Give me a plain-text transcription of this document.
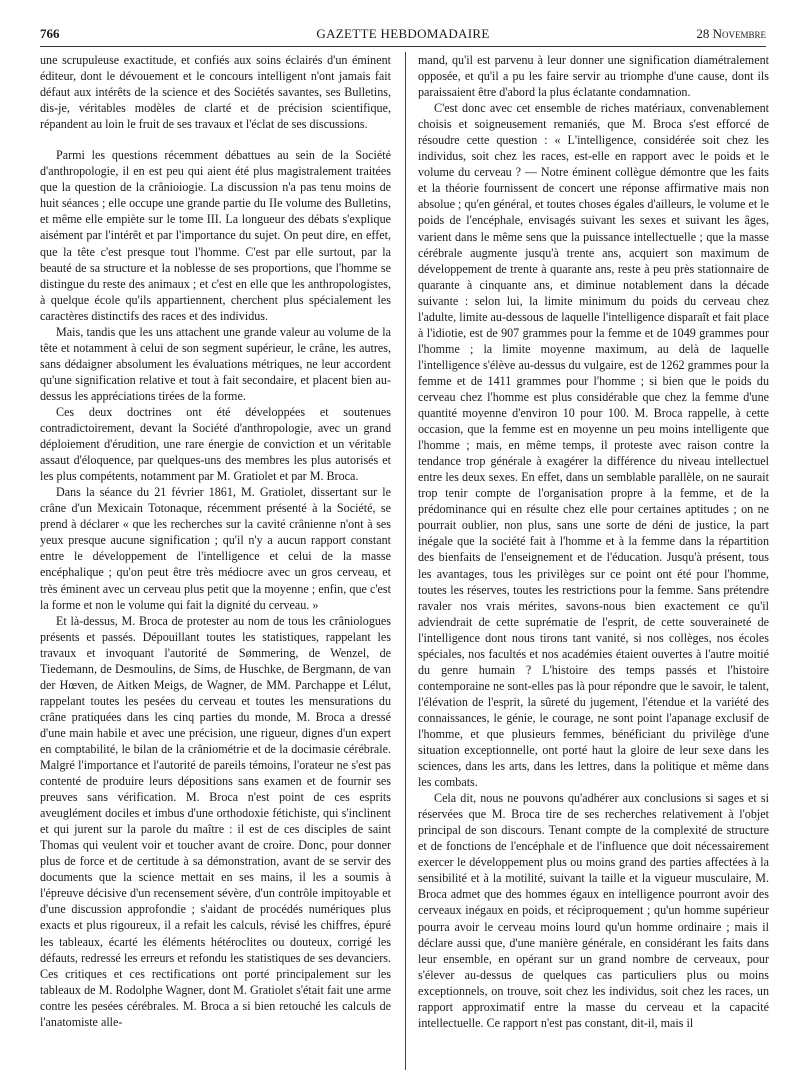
766	GAZETTE HEBDOMADAIRE	28 Novembre

une scrupuleuse exactitude, et confiés aux soins éclairés d'un éminent éditeur, dont le dévouement et le concours intelligent n'ont jamais fait défaut aux intérêts de la science et des Sociétés savantes, ses Bulletins, dis-je, véritables modèles de clarté et de précision scientifique, répandent au loin le fruit de ses travaux et l'éclat de ses discussions.

Parmi les questions récemment débattues au sein de la Société d'anthropologie, il en est peu qui aient été plus magistralement traitées que la question de la crânioiogie. La discussion n'a pas tenu moins de huit séances ; elle occupe une grande partie du IIe volume des Bulletins, et même elle empiète sur le tome III. La longueur des débats s'explique aisément par l'intérêt et par l'importance du sujet. On peut dire, en effet, que la tête c'est presque tout l'homme. C'est par elle surtout, par la beauté de sa structure et la noblesse de ses proportions, que l'homme se distingue du reste des animaux ; et c'est en elle que les anthropologistes, à quelque école qu'ils appartiennent, cherchent plus spécialement les caractères distinctifs des races et des individus.

Mais, tandis que les uns attachent une grande valeur au volume de la tête et notamment à celui de son segment supérieur, le crâne, les autres, sans dédaigner absolument les évaluations métriques, ne leur accordent qu'une signification relative et tout à fait secondaire, et placent bien au-dessus les appréciations tirées de la forme.

Ces deux doctrines ont été développées et soutenues contradictoirement, devant la Société d'anthropologie, avec un grand déploiement d'érudition, une rare énergie de conviction et un véritable assaut d'éloquence, par quelques-uns des membres les plus autorisés et les plus compétents, notamment par M. Gratiolet et par M. Broca.

Dans la séance du 21 février 1861, M. Gratiolet, dissertant sur le crâne d'un Mexicain Totonaque, récemment présenté à la Société, se prend à déclarer « que les recherches sur la cavité crânienne n'ont à ses yeux presque aucune signification ; qu'il n'y a aucun rapport constant entre le développement de l'intelligence et celui de la masse encéphalique ; qu'on peut être très médiocre avec un gros cerveau, et très éminent avec un cerveau plus petit que la moyenne ; enfin, que c'est la forme et non le volume qui fait la dignité du cerveau. »

Et là-dessus, M. Broca de protester au nom de tous les crâniologues présents et passés. Dépouillant toutes les statistiques, rappelant les travaux et invoquant l'autorité de Sømmering, de Wenzel, de Tiedemann, de Desmoulins, de Sims, de Huschke, de Bergmann, de van der Hœven, de Aitken Meigs, de Wagner, de MM. Parchappe et Lélut, rappelant toutes les pesées du cerveau et toutes les mensurations du crâne pratiquées dans les cinq parties du monde, M. Broca a dressé d'une main habile et avec une précision, une rigueur, dignes d'un expert en comptabilité, le bilan de la crâniométrie et de la docimasie cérébrale. Malgré l'importance et l'autorité de pareils témoins, l'orateur ne s'est pas contenté de produire leurs dépositions sans examen et de fournir ses preuves sans vérification. M. Broca n'est point de ces esprits aveuglément dociles et imbus d'une orthodoxie fétichiste, qui s'inclinent et qui jurent sur la parole du maître : il est de ces disciples de saint Thomas qui veulent voir et toucher avant de croire. Donc, pour donner plus de force et de certitude à sa démonstration, avant de se servir des documents que la science mettait en ses mains, il les a soumis à l'épreuve décisive d'un recensement sévère, d'un contrôle impitoyable et d'une discussion approfondie ; s'aidant de procédés numériques plus exacts et plus rigoureux, il a refait les calculs, révisé les chiffres, épuré les tableaux, écarté les éléments hétéroclites ou douteux, corrigé les défauts, redressé les erreurs et refondu les statistiques de ses devanciers. Ces critiques et ces rectifications ont porté principalement sur les tableaux de M. Rodolphe Wagner, dont M. Gratiolet s'était fait une arme contre les pesées cérébrales. M. Broca a si bien retouché les calculs de l'anatomiste alle-

mand, qu'il est parvenu à leur donner une signification diamétralement opposée, et qu'il a pu les faire servir au triomphe d'une cause, dont ils paraissaient être d'abord la plus éclatante condamnation.

C'est donc avec cet ensemble de riches matériaux, convenablement choisis et soigneusement remaniés, que M. Broca s'est efforcé de résoudre cette question : « L'intelligence, considérée soit chez les individus, soit chez les races, est-elle en rapport avec le poids et le volume du cerveau ? — Notre éminent collègue démontre que les faits et la théorie fournissent de concert une réponse affirmative mais non absolue ; qu'en général, et toutes choses égales d'ailleurs, le volume et le poids de l'encéphale, envisagés suivant les sexes et suivant les âges, varient dans le même sens que la puissance intellectuelle ; que la masse cérébrale augmente jusqu'à trente ans, acquiert son maximum de développement de trente à quarante ans, reste à peu près stationnaire de quarante à cinquante ans, et diminue notablement dans la décade suivante : selon lui, la limite minimum du poids du cerveau chez l'adulte, limite au-dessous de laquelle l'intelligence disparaît et fait place à l'idiotie, est de 907 grammes pour la femme et de 1049 grammes pour l'homme ; la limite moyenne maximum, au delà de laquelle l'intelligence s'élève au-dessus du vulgaire, est de 1262 grammes pour la femme et de 1411 grammes pour l'homme ; si bien que le poids du cerveau chez l'homme est plus considérable que chez la femme d'une quantité moyenne d'environ 10 pour 100. M. Broca rappelle, à cette occasion, que la femme est en moyenne un peu moins intelligente que l'homme ; mais, en même temps, il proteste avec raison contre la tendance trop générale à exagérer la différence du niveau intellectuel entre les deux sexes. En effet, dans un semblable parallèle, on ne saurait trop tenir compte de l'organisation propre à la femme, et de la prédominance qui en résulte chez elle pour certaines aptitudes ; on ne pourrait oublier, non plus, sans une sorte de déni de justice, la part inégale que la société fait à l'homme et à la femme dans la répartition des bienfaits de l'enseignement et de l'éducation. Jusqu'à présent, tous les avantages, tous les privilèges sur ce point ont été pour l'homme, toutes les réserves, toutes les restrictions pour la femme. Sans prétendre ravaler nos vrais mérites, savons-nous bien exactement ce qu'il adviendrait de cette suprématie de l'esprit, de cette souveraineté de l'intelligence dont nous tirons tant vanité, si nos collèges, nos écoles spéciales, nos facultés et nos académies étaient ouvertes à l'autre moitié du genre humain ? L'histoire des temps passés et l'histoire contemporaine ne sont-elles pas là pour répondre que le savoir, le talent, l'élévation de l'esprit, la sûreté du jugement, l'étendue et la variété des connaissances, le génie, le courage, ne sont point l'apanage exclusif de l'homme, et que plusieurs femmes, bénéficiant du privilège d'une situation exceptionnelle, ont porté haut la gloire de leur sexe dans les sciences, dans les arts, dans les lettres, dans la politique et même dans les combats.

Cela dit, nous ne pouvons qu'adhérer aux conclusions si sages et si réservées que M. Broca tire de ses recherches relativement à l'objet principal de son discours. Tenant compte de la complexité de structure et de fonctions de l'encéphale et de l'influence que doit nécessairement exercer le développement plus ou moins grand des parties affectées à la sensibilité et à la motilité, suivant la taille et la vigueur musculaire, M. Broca admet que des hommes égaux en intelligence pourront avoir des cerveaux inégaux en poids, et réciproquement ; qu'un homme supérieur pourra avoir le cerveau moins lourd qu'un homme ordinaire ; mais il déclare aussi que, d'une manière générale, en considérant les faits dans leur ensemble, en opérant sur un grand nombre de cerveaux, pour s'élever au-dessus de quelques cas particuliers plus ou moins exceptionnels, on trouve, soit chez les individus, soit chez les races, un rapport approximatif entre la masse du cerveau et la capacité intellectuelle. Ce rapport n'est pas constant, dit-il, mais il
